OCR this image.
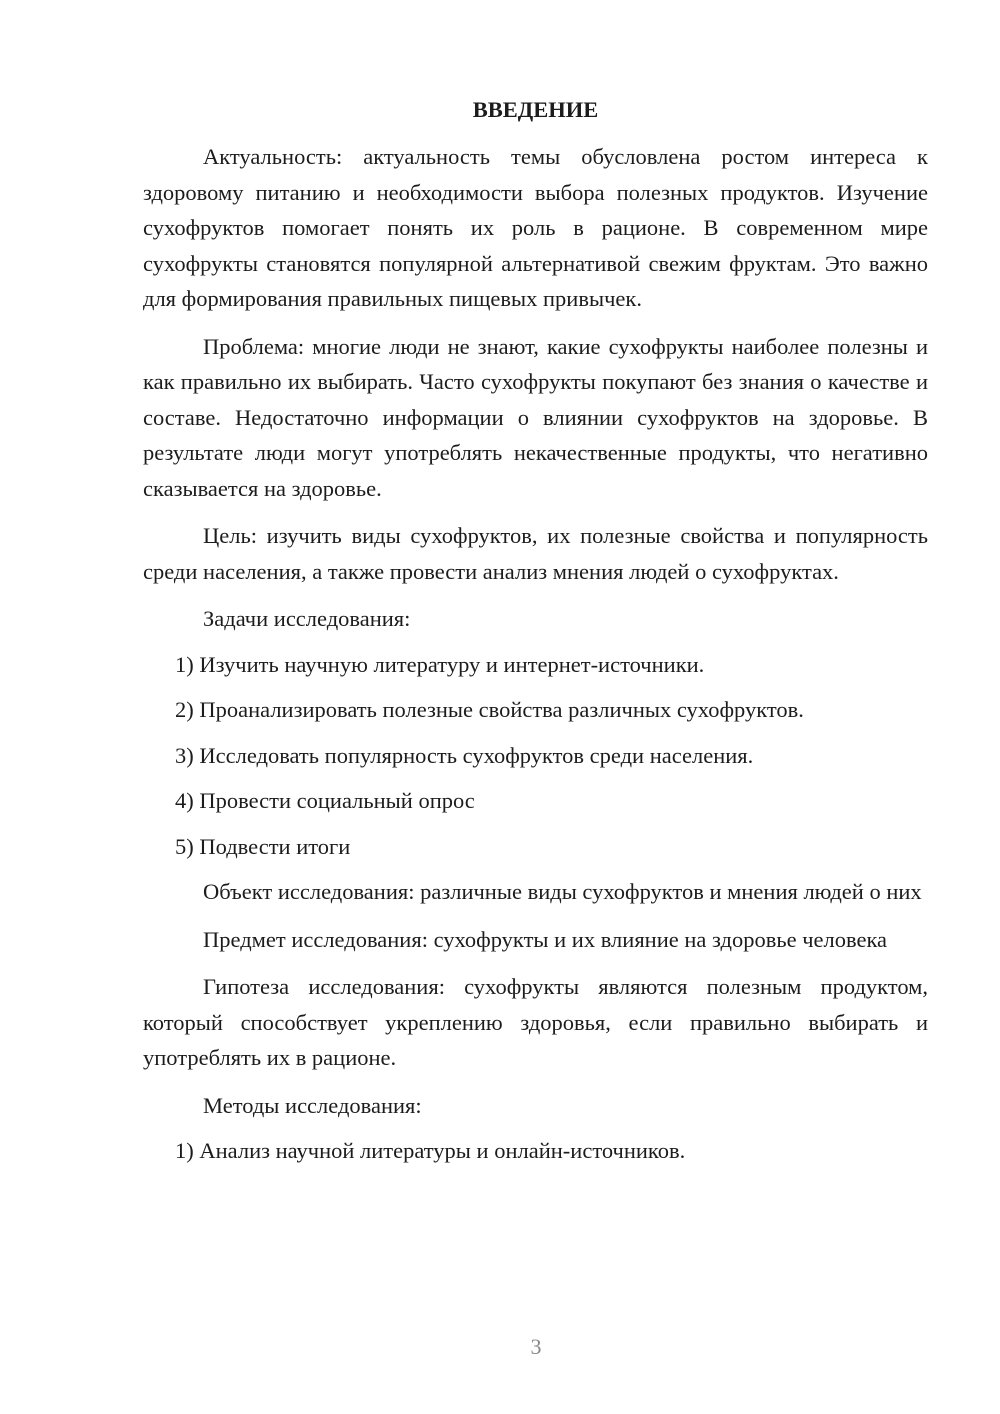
ВВЕДЕНИЕ

Актуальность: актуальность темы обусловлена ростом интереса к здоровому питанию и необходимости выбора полезных продуктов. Изучение сухофруктов помогает понять их роль в рационе. В современном мире сухофрукты становятся популярной альтернативой свежим фруктам. Это важно для формирования правильных пищевых привычек.

Проблема: многие люди не знают, какие сухофрукты наиболее полезны и как правильно их выбирать. Часто сухофрукты покупают без знания о качестве и составе. Недостаточно информации о влиянии сухофруктов на здоровье. В результате люди могут употреблять некачественные продукты, что негативно сказывается на здоровье.

Цель: изучить виды сухофруктов, их полезные свойства и популярность среди населения, а также провести анализ мнения людей о сухофруктах.

Задачи исследования:

1) Изучить научную литературу и интернет-источники.

2) Проанализировать полезные свойства различных сухофруктов.

3) Исследовать популярность сухофруктов среди населения.

4) Провести социальный опрос

5) Подвести итоги

Объект исследования: различные виды сухофруктов и мнения людей о них

Предмет исследования: сухофрукты и их влияние на здоровье человека

Гипотеза исследования: сухофрукты являются полезным продуктом, который способствует укреплению здоровья, если правильно выбирать и употреблять их в рационе.

Методы исследования:

1) Анализ научной литературы и онлайн-источников.

3
